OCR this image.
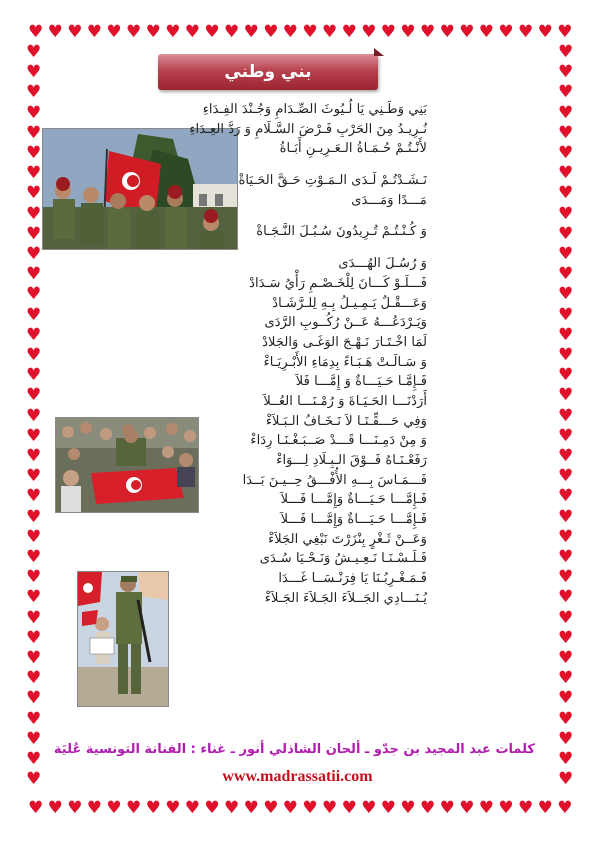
♥
♥
♥
♥
♥
♥
♥
♥
♥
♥
♥
♥
♥
♥
♥
♥
♥
♥
♥
♥
♥
♥
♥
♥
♥
♥
♥
♥
♥
♥
♥
♥
♥
♥
♥
♥
♥
♥
♥
♥
♥
♥
♥
♥
♥
♥
♥
♥
♥
♥
♥
♥
♥
♥
♥
♥
♥	♥
♥	♥
♥	♥
♥	♥
♥	♥
♥	♥
♥	♥
♥	♥
♥	♥
♥	♥
♥	♥
♥	♥
♥	♥
♥	♥
♥	♥
♥	♥
♥	♥
♥	♥
♥	♥
♥	♥
♥	♥
♥	♥
♥	♥
♥	♥
♥	♥
♥	♥
♥	♥
♥	♥
♥	♥
♥	♥
♥	♥
♥	♥
♥	♥
♥	♥
♥	♥
♥	♥
♥	♥
بني وطني
بَنِي وَطَـنِي يَا لُـيُوثَ الصِّـدَامِ وَجُـنْدَ الفِـدَاءِ
نُـرِيـدُ مِنَ الحَرْبِ فَـرْضَ السَّـلَامِ وَ رَدَّ العِـدَاءِ
لأَنْـتُـمْ حُـمَـاةُ الـعَـرِيـنِ أَبَـاةُ
نَـشَـدْتُـمْ لَـدَى الـمَـوْتِ حَـقَّ الحَـيَاةْ
مَـــدًا وَمَـــدَى
وَ كُـنْـتُـمْ تُـرِيدُونَ سُـبُـلَ النَّـجَـاةْ
وَ رُسُـلَ الهُـــدَى
فَـــلَـوْ كَـــانَ لِلْخَـصْـمِ رَأْيُ سَـدَادْ
وَعَـــقْـلٌ يَـمِـيـلُ بِـهِ لِلـرَّشَـادْ
وَيَـرْدَعُـــهُ عَــنْ رُكُــوبِ الرَّدَى
لَمَا اخْـتَـارَ نَـهْـجَ الوَغَـى وَالجَلادْ
وَ سَـالَـتْ هَـبَـاءً بِدِمَاءِ الأَبْـرِيَـاءْ
فَـإِمَّـا حَـيَـــاةٌ وَ إِمَّـــا فَلاَ
أَرَدْنَـــا الحَـيَـاةَ وَ رُمْـنَـــا العُــلاَ
وَفِي حَـــقِّـنَـا لاَ نَـخَـافُ الـبَـلاَءْ
وَ مِنْ دَمِـنَـــا قَـــدْ صَــبَـغْـنَـا رِدَاءْ
رَفَعْـنَـاهُ فَــوْقَ الـبِـلَادِ لِـــوَاءْ
فَـــمَـاسَ بِـــهِ الأُفْـــقُ حِــيـنَ بَــدَا
فَـإِمَّـــا حَـيَـــاةٌ وَإِمَّـــا فَـــلاَ
فَـإِمَّـــا حَـيَـــاةٌ وَإِمَّـــا فَـــلاَ
وَعَــنْ ثَـغْرٍ بِنْزَرْتَ نَبْغِي الجَلاَءْ
فَـلَـسْـنَـا نَـعِـيـشُ وَنَـحْـيَا سُـدَى
فَـمَـغْـرِبُـنَا يَا فِرَنْـسَــا غَـــدَا
يُـنَـــادِي الجَــلاَءَ الجَـلاَءَ الجَـلاَءْ
كلمات عبد المجيد بن جدّو ـ ألحان الشاذلي أنور ـ غناء : الفنانة التونسية عُليَة
www.madrassatii.com
